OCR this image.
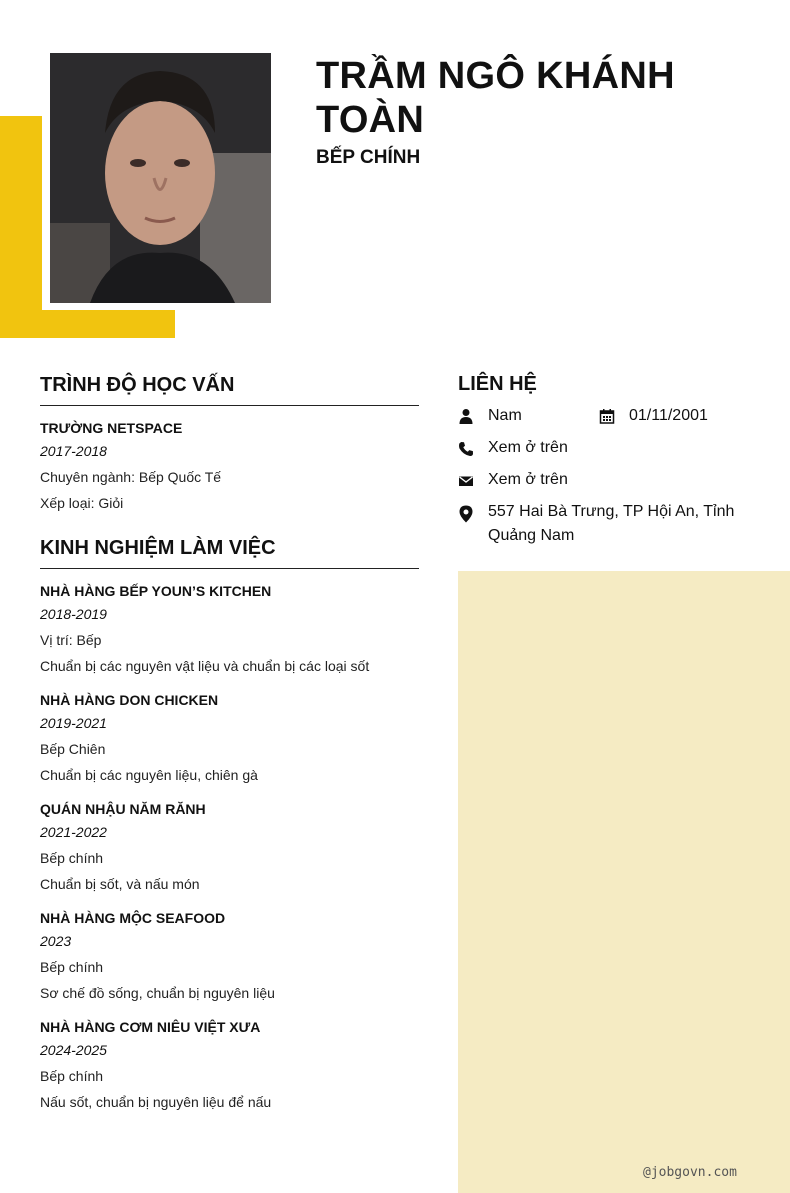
TRẦM NGÔ KHÁNH TOÀN
BẾP CHÍNH
TRÌNH ĐỘ HỌC VẤN
TRƯỜNG NETSPACE
2017-2018
Chuyên ngành: Bếp Quốc Tế
Xếp loại: Giỏi
KINH NGHIỆM LÀM VIỆC
NHÀ HÀNG BẾP YOUN’S KITCHEN
2018-2019
Vị trí: Bếp
Chuẩn bị các nguyên vật liệu và chuẩn bị các loại sốt
NHÀ HÀNG DON CHICKEN
2019-2021
Bếp Chiên
Chuẩn bị các nguyên liệu, chiên gà
QUÁN NHẬU NĂM RĂNH
2021-2022
Bếp chính
Chuẩn bị sốt, và nấu món
NHÀ HÀNG MỘC SEAFOOD
2023
Bếp chính
Sơ chế đồ sống, chuẩn bị nguyên liệu
NHÀ HÀNG CƠM NIÊU VIỆT XƯA
2024-2025
Bếp chính
Nấu sốt, chuẩn bị nguyên liệu để nấu
LIÊN HỆ
Nam	01/11/2001
Xem ở trên
Xem ở trên
557 Hai Bà Trưng, TP Hội An, Tỉnh Quảng Nam
@jobgovn.com
